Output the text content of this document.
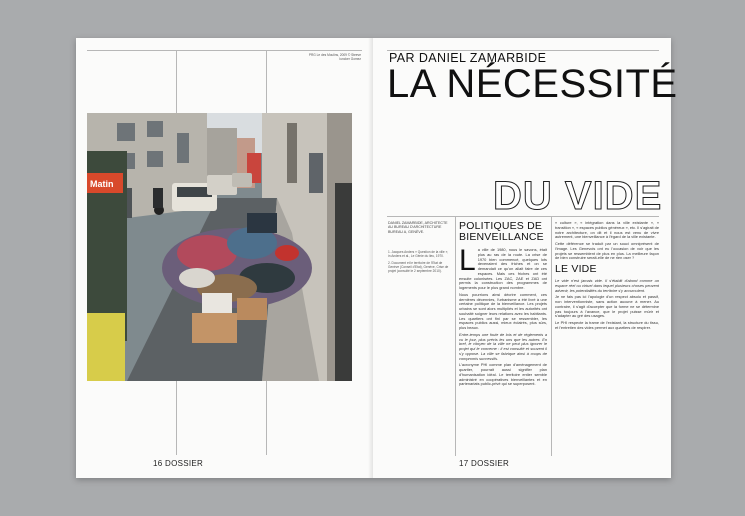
PRG Le des Moulins, 2009 © Steeve Iuncker Gomez
Matin
16 DOSSIER
PAR DANIEL ZAMARBIDE
LA NÉCESSITÉ
DU VIDE
DANIEL ZAMARBIDE, ARCHITECTE AU BUREAU D'ARCHITECTURE BUREAU A, GENÈVE.
1. Jacques Anders « Question de la ville », in Anders et al., Le Génie du lieu, 1970.
2. Document et le territoire de l'Etat de Genève (Conseil d'Etat), Genève, Crise de projet (consulté le 2 septembre 2010).
POLITIQUES DE BIENVEILLANCE

La ville de 1980, nous le savons, était plus au ras de la route. La crise de 1970 bien commencé, quelques lots devenaient des friches et on se demandait ce qu'on allait faire de ces espaces. Mais ces friches ont été ensuite colonisées. Les ZAC, ZAE et ZAD ont permis la construction des programmes de logements pour le plus grand nombre.

Nous pourrions ainsi décrire comment, ces dernières décennies, l'urbanisme a été livré à une certaine politique de la bienveillance. Les projets urbains se sont alors multipliés et les autorités ont souhaité soigner leurs relations avec les habitants. Les quartiers ont fini par se ressembler, les espaces publics aussi, mieux éclairés, plus sûrs, plus beaux.

Entre-temps une foule de lois et de règlements a vu le jour, plus précis les uns que les autres. En bref, le citoyen de la ville ne peut plus ignorer le projet qui le concerne : il est consulté et souvent il s'y oppose. La ville se fabrique ainsi à coups de compromis successifs.

L'acronyme PHI comme plan d'aménagement de quartier, pourrait aussi signifier plan d'humanisation idéal. Le territoire entier semble administré en coopératives bienveillantes et en partenariats public-privé qui se superposent.

« culture », « intégration dans la ville existante », « transition », « espaces publics généreux », etc. Il s'agirait de notre architecture, on dit et il nous est venu de vivre autrement, une bienveillance à l'égard de la ville existante.

Cette déférence se traduit par un souci omniprésent de l'image. Les Genevois ont eu l'occasion de voir que les projets se ressemblent de plus en plus. La meilleure façon de bien construire serait-elle de ne rien oser ?

LE VIDE

Le vide n'est jamais vide. Il s'établit d'abord comme un espace réel ou virtuel dans lequel plusieurs choses peuvent advenir, les potentialités du territoire s'y accumulent.

Je ne fais pas ici l'apologie d'un respect absolu et passif, non interventionniste, sans action aucune à mener. Au contraire, il s'agit d'accepter que la forme ne se détermine pas toujours à l'avance, que le projet puisse mûrir et s'adapter au gré des usages.

Le PHI respecte la trame de l'existant, la structure du tissu, et l'entretien des vides permet aux quartiers de respirer.

17 DOSSIER
